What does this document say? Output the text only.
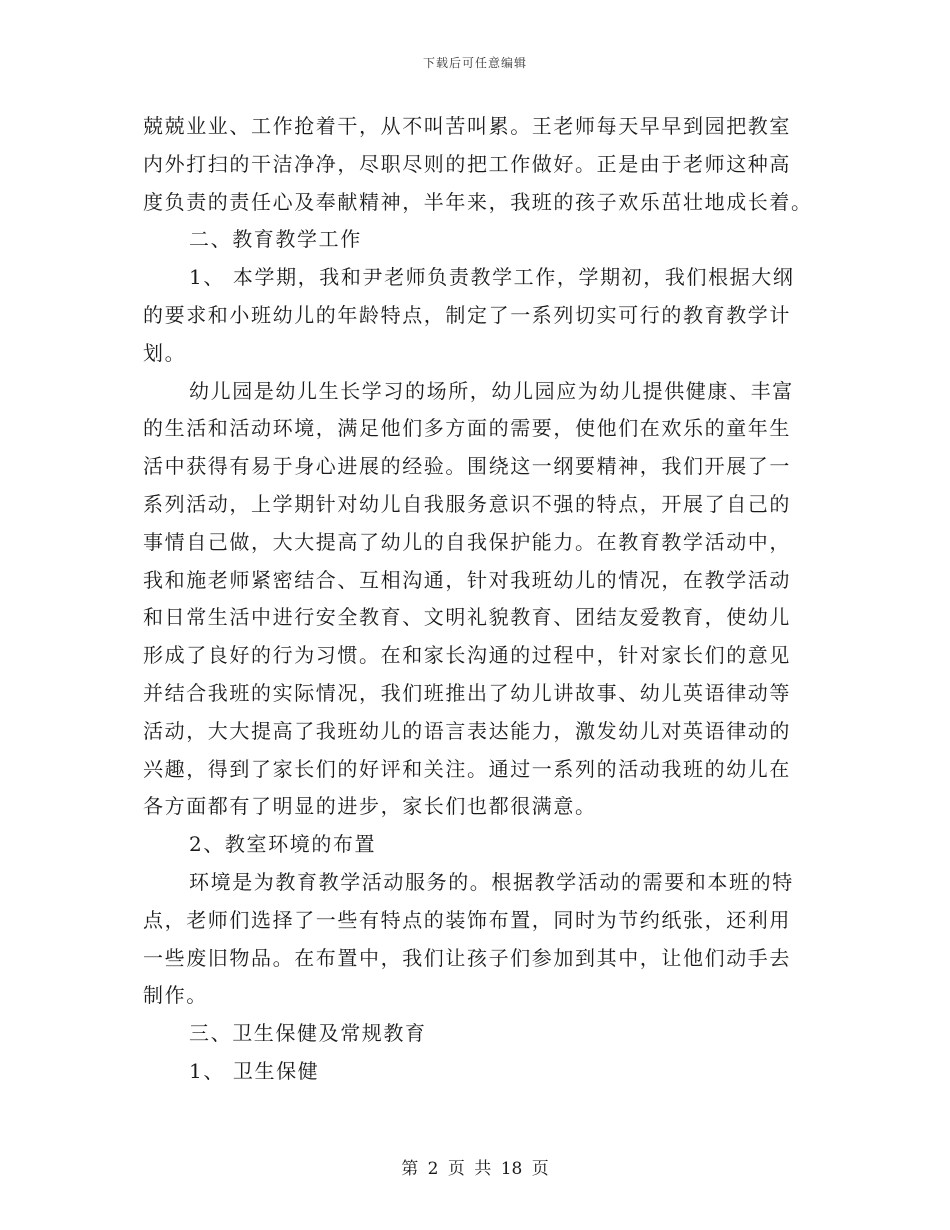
下载后可任意编辑
兢兢业业、工作抢着干，从不叫苦叫累。王老师每天早早到园把教室
内外打扫的干洁净净，尽职尽则的把工作做好。正是由于老师这种高
度负责的责任心及奉献精神，半年来，我班的孩子欢乐茁壮地成长着。
二、教育教学工作
1、 本学期，我和尹老师负责教学工作，学期初，我们根据大纲
的要求和小班幼儿的年龄特点，制定了一系列切实可行的教育教学计
划。
幼儿园是幼儿生长学习的场所，幼儿园应为幼儿提供健康、丰富
的生活和活动环境，满足他们多方面的需要，使他们在欢乐的童年生
活中获得有易于身心进展的经验。围绕这一纲要精神，我们开展了一
系列活动，上学期针对幼儿自我服务意识不强的特点，开展了自己的
事情自己做，大大提高了幼儿的自我保护能力。在教育教学活动中，
我和施老师紧密结合、互相沟通，针对我班幼儿的情况，在教学活动
和日常生活中进行安全教育、文明礼貌教育、团结友爱教育，使幼儿
形成了良好的行为习惯。在和家长沟通的过程中，针对家长们的意见
并结合我班的实际情况，我们班推出了幼儿讲故事、幼儿英语律动等
活动，大大提高了我班幼儿的语言表达能力，激发幼儿对英语律动的
兴趣，得到了家长们的好评和关注。通过一系列的活动我班的幼儿在
各方面都有了明显的进步，家长们也都很满意。
2、教室环境的布置
环境是为教育教学活动服务的。根据教学活动的需要和本班的特
点，老师们选择了一些有特点的装饰布置，同时为节约纸张，还利用
一些废旧物品。在布置中，我们让孩子们参加到其中，让他们动手去
制作。
三、卫生保健及常规教育
1、 卫生保健
第 2 页 共 18 页
